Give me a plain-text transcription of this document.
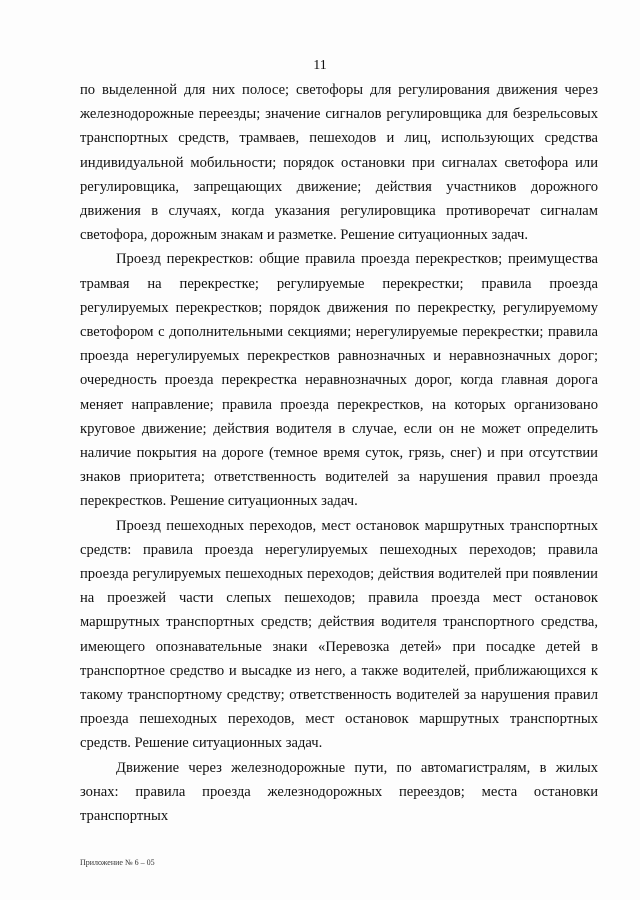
11

по выделенной для них полосе; светофоры для регулирования движения через железнодорожные переезды; значение сигналов регулировщика для безрельсовых транспортных средств, трамваев, пешеходов и лиц, использующих средства индивидуальной мобильности; порядок остановки при сигналах светофора или регулировщика, запрещающих движение; действия участников дорожного движения в случаях, когда указания регулировщика противоречат сигналам светофора, дорожным знакам и разметке. Решение ситуационных задач.

Проезд перекрестков: общие правила проезда перекрестков; преимущества трамвая на перекрестке; регулируемые перекрестки; правила проезда регулируемых перекрестков; порядок движения по перекрестку, регулируемому светофором с дополнительными секциями; нерегулируемые перекрестки; правила проезда нерегулируемых перекрестков равнозначных и неравнозначных дорог; очередность проезда перекрестка неравнозначных дорог, когда главная дорога меняет направление; правила проезда перекрестков, на которых организовано круговое движение; действия водителя в случае, если он не может определить наличие покрытия на дороге (темное время суток, грязь, снег) и при отсутствии знаков приоритета; ответственность водителей за нарушения правил проезда перекрестков. Решение ситуационных задач.

Проезд пешеходных переходов, мест остановок маршрутных транспортных средств: правила проезда нерегулируемых пешеходных переходов; правила проезда регулируемых пешеходных переходов; действия водителей при появлении на проезжей части слепых пешеходов; правила проезда мест остановок маршрутных транспортных средств; действия водителя транспортного средства, имеющего опознавательные знаки «Перевозка детей» при посадке детей в транспортное средство и высадке из него, а также водителей, приближающихся к такому транспортному средству; ответственность водителей за нарушения правил проезда пешеходных переходов, мест остановок маршрутных транспортных средств. Решение ситуационных задач.

Движение через железнодорожные пути, по автомагистралям, в жилых зонах: правила проезда железнодорожных переездов; места остановки транспортных

Приложение № 6 – 05
